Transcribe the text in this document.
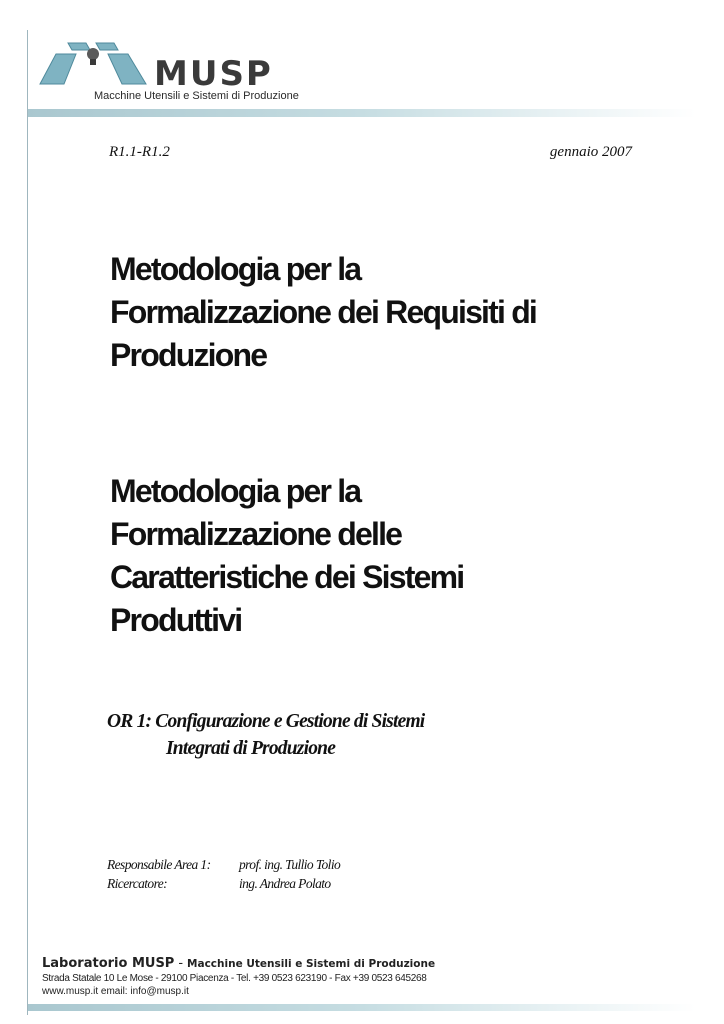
MUSP
Macchine Utensili e Sistemi di Produzione
R1.1-R1.2	gennaio 2007
Metodologia per la
Formalizzazione dei Requisiti di
Produzione
Metodologia per la
Formalizzazione delle
Caratteristiche dei Sistemi
Produttivi
OR 1: Configurazione e Gestione di Sistemi
Integrati di Produzione
Responsabile Area 1:	prof. ing. Tullio Tolio
Ricercatore:	ing. Andrea Polato
Laboratorio MUSP - Macchine Utensili e Sistemi di Produzione
Strada Statale 10 Le Mose - 29100 Piacenza - Tel. +39 0523 623190 - Fax +39 0523 645268
www.musp.it email: info@musp.it
